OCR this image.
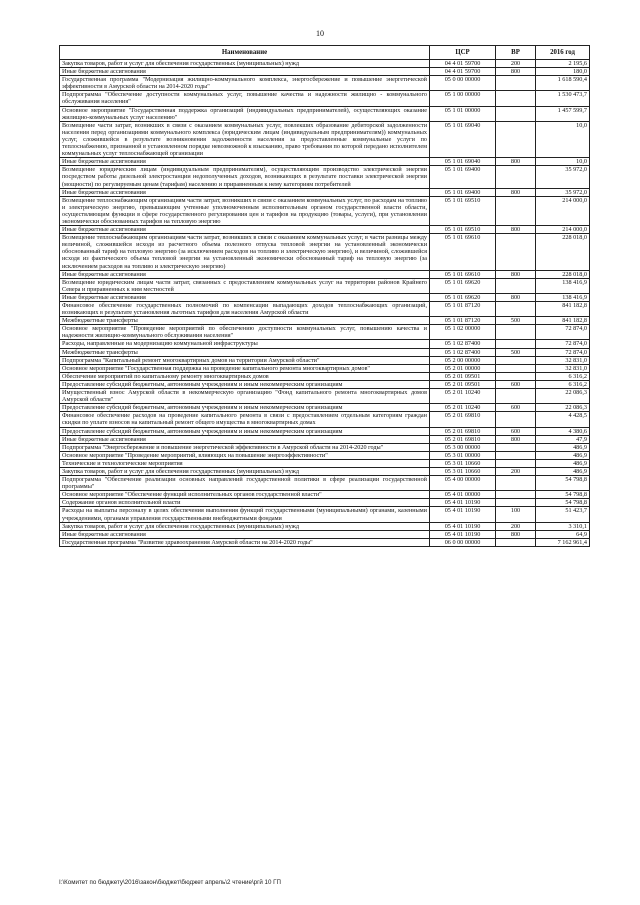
10
Наименование	ЦСР	ВР	2016 год
Закупка товаров, работ и услуг для обеспечения государственных (муниципальных) нужд	04 4 01 59700	200	2 195,6
Иные бюджетные ассигнования	04 4 01 59700	800	180,0
Государственная программа "Модернизация жилищно-коммунального комплекса, энергосбережение и повышение энергетической эффективности в Амурской области на 2014-2020 годы"	05 0 00 00000		1 618 590,4
Подпрограмма "Обеспечение доступности коммунальных услуг, повышение качества и надежности жилищно - коммунального обслуживания населения"	05 1 00 00000		1 530 473,7
Основное мероприятие "Государственная поддержка организаций (индивидуальных предпринимателей), осуществляющих оказание жилищно-коммунальных услуг населению"	05 1 01 00000		1 457 599,7
Возмещение части затрат, возникших в связи с оказанием коммунальных услуг, повлекших образование дебиторской задолженности населения перед организациями коммунального комплекса (юридическим лицам (индивидуальным предпринимателям)) коммунальных услуг, сложившейся в результате возникновения задолженности населения за предоставленные коммунальные услуги по теплоснабжению, признанной в установленном порядке невозможной к взысканию, право требования по которой передано исполнителем коммунальных услуг теплоснабжающей организации	05 1 01 69040		10,0
Иные бюджетные ассигнования	05 1 01 69040	800	10,0
Возмещение юридическим лицам (индивидуальным предпринимателям), осуществляющим производство электрической энергии посредством работы дизельной электростанции недополученных доходов, возникающих в результате поставки электрической энергии (мощности) по регулируемым ценам (тарифам) населению и приравненным к нему категориям потребителей	05 1 01 69400		35 972,0
Иные бюджетные ассигнования	05 1 01 69400	800	35 972,0
Возмещение теплоснабжающим организациям части затрат, возникших в связи с оказанием коммунальных услуг, по расходам на топливо и электрическую энергию, превышающим учтенные уполномоченным исполнительным органом государственной власти области, осуществляющим функции в сфере государственного регулирования цен и тарифов на продукцию (товары, услуги), при установлении экономически обоснованных тарифов на тепловую энергию	05 1 01 69510		214 000,0
Иные бюджетные ассигнования	05 1 01 69510	800	214 000,0
Возмещение теплоснабжающим организациям части затрат, возникших в связи с оказанием коммунальных услуг, в части разницы между величиной, сложившейся исходя из расчетного объема полезного отпуска тепловой энергии на установленный экономически обоснованный тариф на тепловую энергию (за исключением расходов на топливо и электрическую энергию), и величиной, сложившейся исходя из фактического объема тепловой энергии на установленный экономически обоснованный тариф на тепловую энергию (за исключением расходов на топливо и электрическую энергию)	05 1 01 69610		228 018,0
Иные бюджетные ассигнования	05 1 01 69610	800	228 018,0
Возмещение юридическим лицам части затрат, связанных с предоставлением коммунальных услуг на территории районов Крайнего Севера и приравненных к ним местностей	05 1 01 69620		138 416,9
Иные бюджетные ассигнования	05 1 01 69620	800	138 416,9
Финансовое обеспечение государственных полномочий по компенсации выпадающих доходов теплоснабжающих организаций, возникающих в результате установления льготных тарифов для населения Амурской области	05 1 01 87120		841 182,8
Межбюджетные трансферты	05 1 01 87120	500	841 182,8
Основное мероприятие "Проведение мероприятий по обеспечению доступности коммунальных услуг, повышению качества и надежности жилищно-коммунального обслуживания населения"	05 1 02 00000		72 874,0
Расходы, направленные на модернизацию коммунальной инфраструктуры	05 1 02 87400		72 874,0
Межбюджетные трансферты	05 1 02 87400	500	72 874,0
Подпрограмма "Капитальный ремонт многоквартирных домов на территории Амурской области"	05 2 00 00000		32 831,0
Основное мероприятие "Государственная поддержка на проведение капитального ремонта многоквартирных домов"	05 2 01 00000		32 831,0
Обеспечение мероприятий по капитальному ремонту многоквартирных домов	05 2 01 09501		6 316,2
Предоставление субсидий бюджетным, автономным учреждениям и иным некоммерческим организациям	05 2 01 09501	600	6 316,2
Имущественный взнос Амурской области в некоммерческую организацию "Фонд капитального ремонта многоквартирных домов Амурской области"	05 2 01 10240		22 086,3
Предоставление субсидий бюджетным, автономным учреждениям и иным некоммерческим организациям	05 2 01 10240	600	22 086,3
Финансовое обеспечение расходов на проведение капитального ремонта в связи с предоставлением отдельным категориям граждан скидки по уплате взносов на капитальный ремонт общего имущества в многоквартирных домах	05 2 01 69810		4 428,5
Предоставление субсидий бюджетным, автономным учреждениям и иным некоммерческим организациям	05 2 01 69810	600	4 380,6
Иные бюджетные ассигнования	05 2 01 69810	800	47,9
Подпрограмма "Энергосбережение и повышение энергетической эффективности в Амурской области на 2014-2020 годы"	05 3 00 00000		486,9
Основное мероприятие "Проведение мероприятий, влияющих на повышение энергоэффективности"	05 3 01 00000		486,9
Технические и технологические мероприятия	05 3 01 10660		486,9
Закупка товаров, работ и услуг для обеспечения государственных (муниципальных) нужд	05 3 01 10660	200	486,9
Подпрограмма "Обеспечение реализации основных направлений государственной политики в сфере реализации государственной программы"	05 4 00 00000		54 798,8
Основное мероприятие "Обеспечение функций исполнительных органов государственной власти"	05 4 01 00000		54 798,8
Содержание органов исполнительной власти	05 4 01 10190		54 798,8
Расходы на выплаты персоналу в целях обеспечения выполнения функций государственными (муниципальными) органами, казенными учреждениями, органами управления государственными внебюджетными фондами	05 4 01 10190	100	51 423,7
Закупка товаров, работ и услуг для обеспечения государственных (муниципальных) нужд	05 4 01 10190	200	3 310,1
Иные бюджетные ассигнования	05 4 01 10190	800	64,9
Государственная программа "Развитие здравоохранения Амурской области на 2014-2020 годы"	06 0 00 00000		7 162 961,4
I:\Комитет по бюджету\2016\закон\бюджет\бюджет апрель\2 чтение\ргй 10 ГП
